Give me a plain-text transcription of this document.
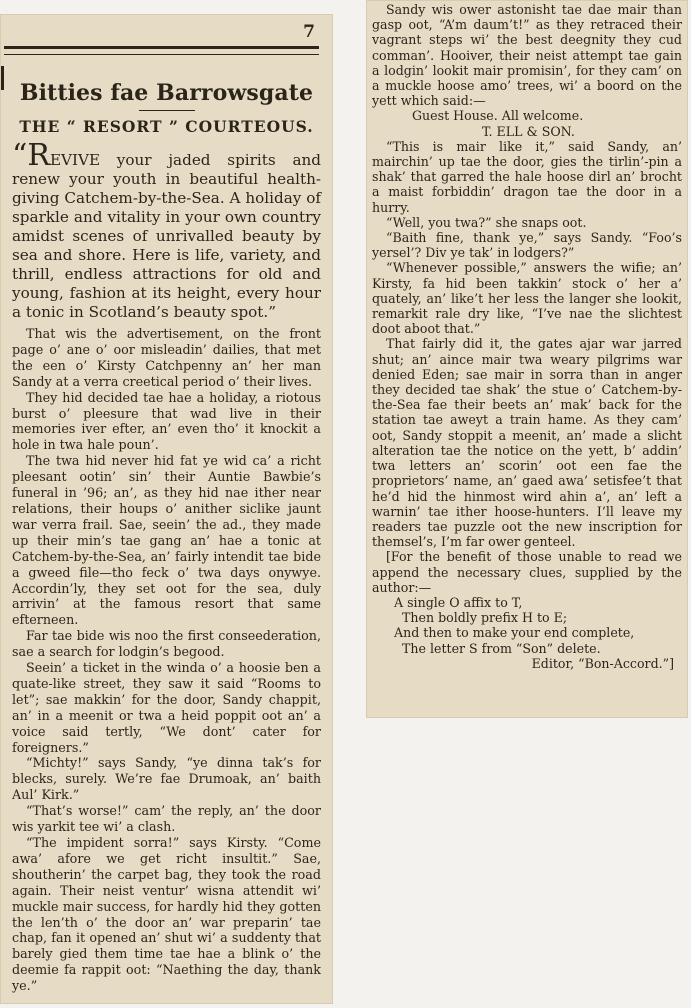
7
Bitties fae Barrowsgate
THE “ RESORT ” COURTEOUS.
“REVIVE your jaded spirits and renew your youth in beautiful health-giving Catchem-by-the-Sea. A holiday of sparkle and vitality in your own country amidst scenes of unrivalled beauty by sea and shore. Here is life, variety, and thrill, endless attractions for old and young, fashion at its height, every hour a tonic in Scotland’s beauty spot.”

That wis the advertisement, on the front page o’ ane o’ oor misleadin’ dailies, that met the een o’ Kirsty Catchpenny an’ her man Sandy at a verra creetical period o’ their lives.

They hid decided tae hae a holiday, a riotous burst o’ pleesure that wad live in their memories iver efter, an’ even tho’ it knockit a hole in twa hale poun’.

The twa hid never hid fat ye wid ca’ a richt pleesant ootin’ sin’ their Auntie Bawbie’s funeral in ’96; an’, as they hid nae ither near relations, their houps o’ anither siclike jaunt war verra frail. Sae, seein’ the ad., they made up their min’s tae gang an’ hae a tonic at Catchem-by-the-Sea, an’ fairly intendit tae bide a gweed file—tho feck o’ twa days onywye. Accordin’ly, they set oot for the sea, duly arrivin’ at the famous resort that same efterneen.

Far tae bide wis noo the first conseederation, sae a search for lodgin’s begood.

Seein’ a ticket in the winda o’ a hoosie ben a quate-like street, they saw it said “Rooms to let”; sae makkin’ for the door, Sandy chappit, an’ in a meenit or twa a heid poppit oot an’ a voice said tertly, “We dont’ cater for foreigners.”

“Michty!” says Sandy, “ye dinna tak’s for blecks, surely. We’re fae Drumoak, an’ baith Aul’ Kirk.”

“That’s worse!” cam’ the reply, an’ the door wis yarkit tee wi’ a clash.

“The impident sorra!” says Kirsty. “Come awa’ afore we get richt insultit.” Sae, shoutherin’ the carpet bag, they took the road again. Their neist ventur’ wisna attendit wi’ muckle mair success, for hardly hid they gotten the len’th o’ the door an’ war preparin’ tae chap, fan it opened an’ shut wi’ a suddenty that barely gied them time tae hae a blink o’ the deemie fa rappit oot: “Naething the day, thank ye.”

Sandy wis ower astonisht tae dae mair than gasp oot, “A’m daum’t!” as they retraced their vagrant steps wi’ the best deegnity they cud comman’. Hooiver, their neist attempt tae gain a lodgin’ lookit mair promisin’, for they cam’ on a muckle hoose amo’ trees, wi’ a boord on the yett which said:—

Guest House. All welcome.
T. ELL & SON.

“This is mair like it,” said Sandy, an’ mairchin’ up tae the door, gies the tirlin’-pin a shak’ that garred the hale hoose dirl an’ brocht a maist forbiddin’ dragon tae the door in a hurry.

“Well, you twa?” she snaps oot.

“Baith fine, thank ye,” says Sandy. “Foo’s yersel’? Div ye tak’ in lodgers?”

“Whenever possible,” answers the wifie; an’ Kirsty, fa hid been takkin’ stock o’ her a’ quately, an’ like’t her less the langer she lookit, remarkit rale dry like, “I’ve nae the slichtest doot aboot that.”

That fairly did it, the gates ajar war jarred shut; an’ aince mair twa weary pilgrims war denied Eden; sae mair in sorra than in anger they decided tae shak’ the stue o’ Catchem-by-the-Sea fae their beets an’ mak’ back for the station tae aweyt a train hame. As they cam’ oot, Sandy stoppit a meenit, an’ made a slicht alteration tae the notice on the yett, b’ addin’ twa letters an’ scorin’ oot een fae the proprietors’ name, an’ gaed awa’ setisfee’t that he’d hid the hinmost wird ahin a’, an’ left a warnin’ tae ither hoose-hunters. I’ll leave my readers tae puzzle oot the new inscription for themsel’s, I’m far ower genteel.

[For the benefit of those unable to read we append the necessary clues, supplied by the author:—

A single O affix to T,
Then boldly prefix H to E;
And then to make your end complete,
The letter S from “Son” delete.
Editor, “Bon-Accord.”]
